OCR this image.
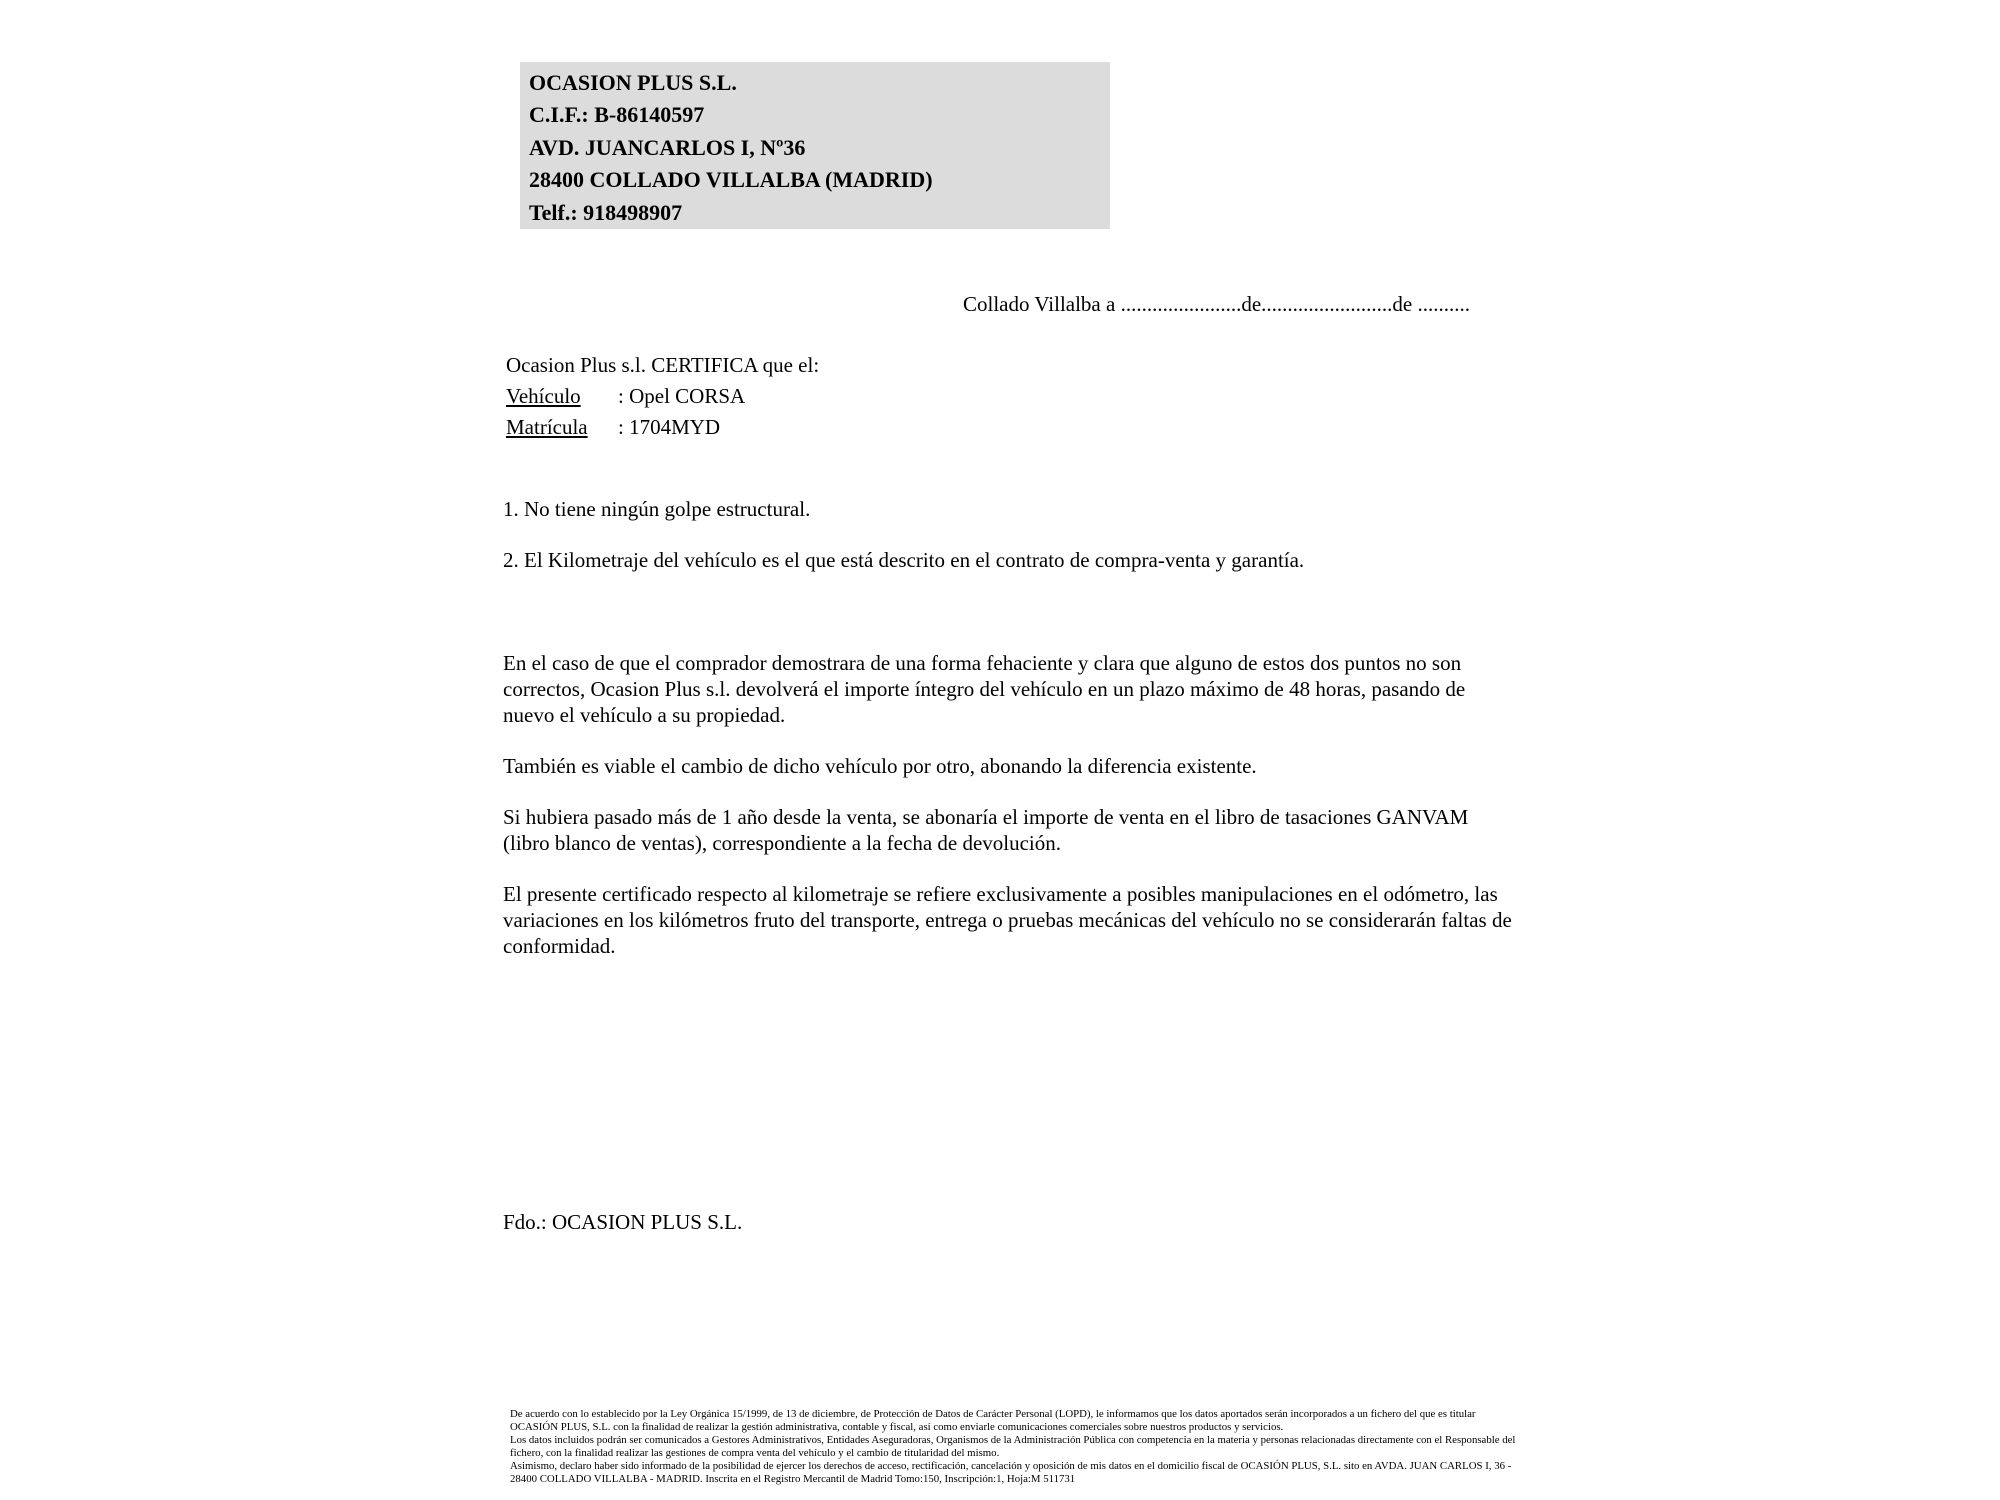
OCASION PLUS S.L.
C.I.F.: B-86140597
AVD. JUANCARLOS I, Nº36
28400 COLLADO VILLALBA (MADRID)
Telf.: 918498907
Collado Villalba a .......................de.........................de ..........
Ocasion Plus s.l. CERTIFICA que el:
Vehículo : Opel CORSA
Matrícula : 1704MYD
1. No tiene ningún golpe estructural.
2. El Kilometraje del vehículo es el que está descrito en el contrato de compra-venta y garantía.
En el caso de que el comprador demostrara de una forma fehaciente y clara que alguno de estos dos puntos no son correctos, Ocasion Plus s.l. devolverá el importe íntegro del vehículo en un plazo máximo de 48 horas, pasando de nuevo el vehículo a su propiedad.
También es viable el cambio de dicho vehículo por otro, abonando la diferencia existente.
Si hubiera pasado más de 1 año desde la venta, se abonaría el importe de venta en el libro de tasaciones GANVAM (libro blanco de ventas), correspondiente a la fecha de devolución.
El presente certificado respecto al kilometraje se refiere exclusivamente a posibles manipulaciones en el odómetro, las variaciones en los kilómetros fruto del transporte, entrega o pruebas mecánicas del vehículo no se considerarán faltas de conformidad.
Fdo.: OCASION PLUS S.L.

De acuerdo con lo establecido por la Ley Orgánica 15/1999, de 13 de diciembre, de Protección de Datos de Carácter Personal (LOPD), le informamos que los datos aportados serán incorporados a un fichero del que es titular OCASIÓN PLUS, S.L. con la finalidad de realizar la gestión administrativa, contable y fiscal, así como enviarle comunicaciones comerciales sobre nuestros productos y servicios.

Los datos incluidos podrán ser comunicados a Gestores Administrativos, Entidades Aseguradoras, Organismos de la Administración Pública con competencia en la materia y personas relacionadas directamente con el Responsable del fichero, con la finalidad realizar las gestiones de compra venta del vehículo y el cambio de titularidad del mismo.

Asimismo, declaro haber sido informado de la posibilidad de ejercer los derechos de acceso, rectificación, cancelación y oposición de mis datos en el domicilio fiscal de OCASIÓN PLUS, S.L. sito en AVDA. JUAN CARLOS I, 36 - 28400 COLLADO VILLALBA - MADRID. Inscrita en el Registro Mercantil de Madrid Tomo:150, Inscripción:1, Hoja:M 511731
